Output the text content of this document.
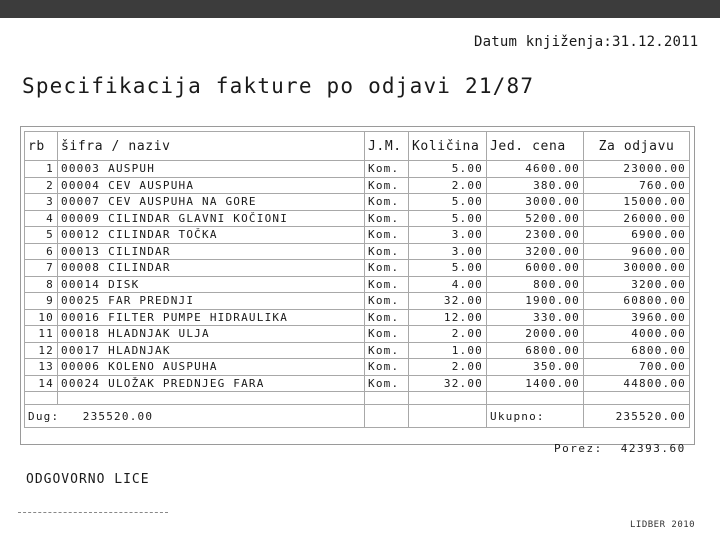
Datum knjiženja:31.12.2011
Specifikacija fakture po odjavi 21/87
rb	šifra / naziv	J.M.	Količina	Jed. cena	Za odjavu
1	00003 AUSPUH	Kom.	5.00	4600.00	23000.00
2	00004 CEV AUSPUHA	Kom.	2.00	380.00	760.00
3	00007 CEV AUSPUHA NA GORE	Kom.	5.00	3000.00	15000.00
4	00009 CILINDAR GLAVNI KOČIONI	Kom.	5.00	5200.00	26000.00
5	00012 CILINDAR TOČKA	Kom.	3.00	2300.00	6900.00
6	00013 CILINDAR	Kom.	3.00	3200.00	9600.00
7	00008 CILINDAR	Kom.	5.00	6000.00	30000.00
8	00014 DISK	Kom.	4.00	800.00	3200.00
9	00025 FAR PREDNJI	Kom.	32.00	1900.00	60800.00
10	00016 FILTER PUMPE HIDRAULIKA	Kom.	12.00	330.00	3960.00
11	00018 HLADNJAK ULJA	Kom.	2.00	2000.00	4000.00
12	00017 HLADNJAK	Kom.	1.00	6800.00	6800.00
13	00006 KOLENO AUSPUHA	Kom.	2.00	350.00	700.00
14	00024 ULOŽAK PREDNJEG FARA	Kom.	32.00	1400.00	44800.00

Dug: 235520.00				Ukupno:	235520.00
Porez: 42393.60
ODGOVORNO LICE
LIDBER 2010
